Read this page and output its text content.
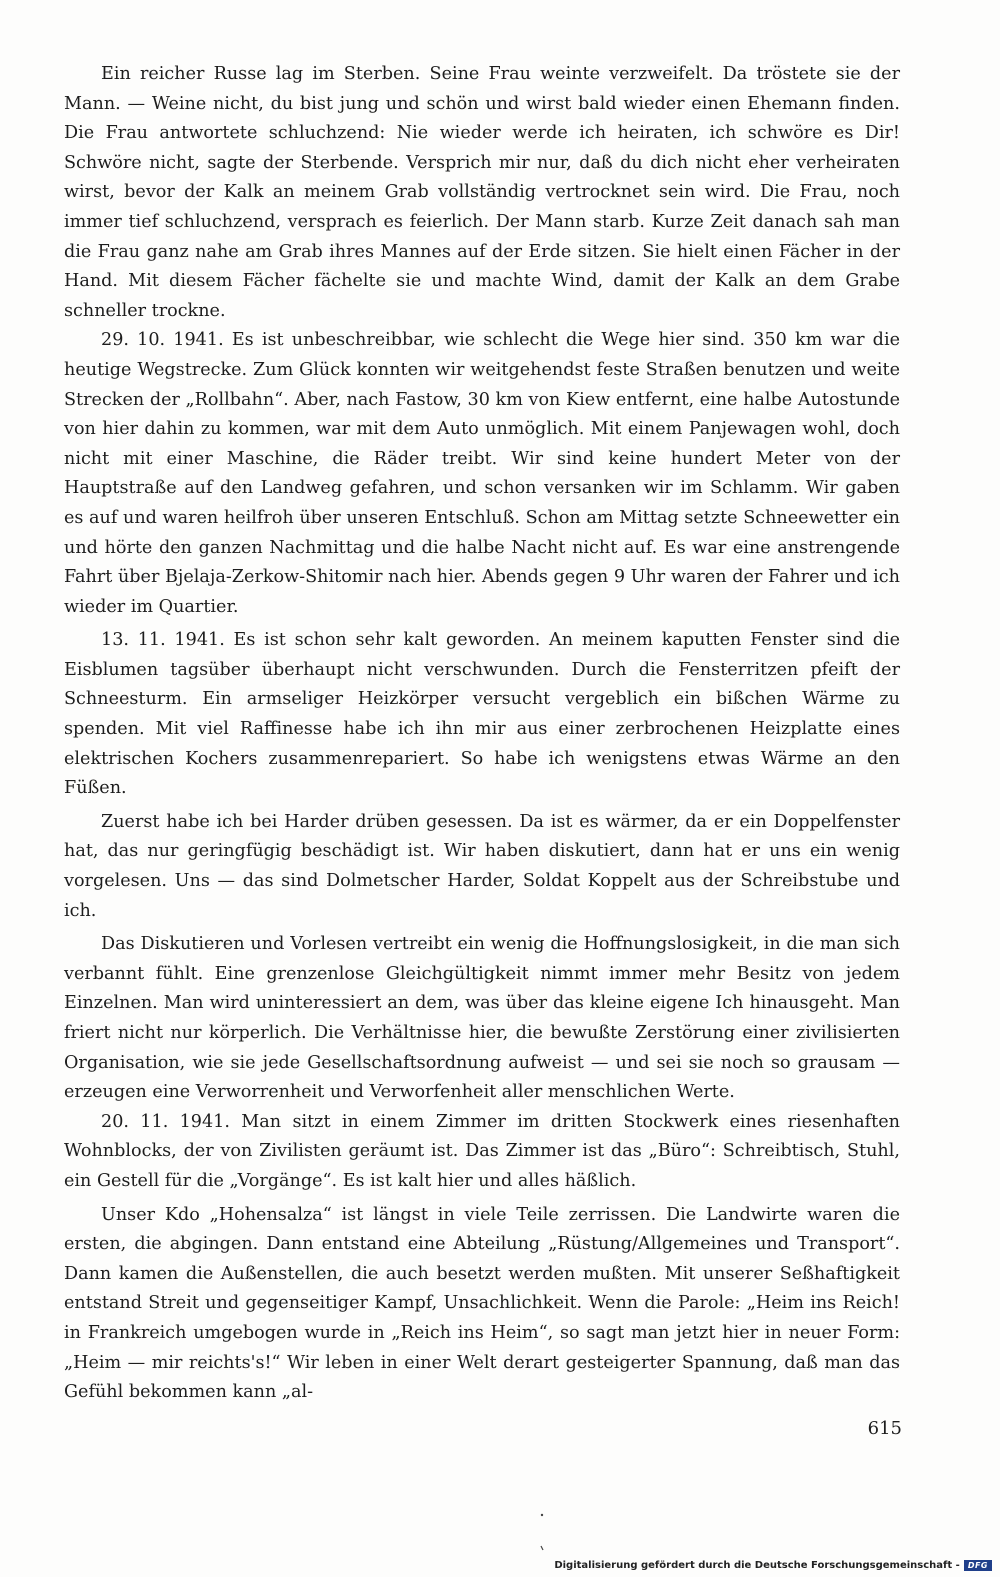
Ein reicher Russe lag im Sterben. Seine Frau weinte verzweifelt. Da tröstete sie der Mann. — Weine nicht, du bist jung und schön und wirst bald wieder einen Ehemann finden. Die Frau antwortete schluchzend: Nie wieder werde ich heiraten, ich schwöre es Dir! Schwöre nicht, sagte der Sterbende. Versprich mir nur, daß du dich nicht eher verheiraten wirst, bevor der Kalk an meinem Grab vollständig vertrocknet sein wird. Die Frau, noch immer tief schluchzend, versprach es feierlich. Der Mann starb. Kurze Zeit danach sah man die Frau ganz nahe am Grab ihres Mannes auf der Erde sitzen. Sie hielt einen Fächer in der Hand. Mit diesem Fächer fächelte sie und machte Wind, damit der Kalk an dem Grabe schneller trockne.

29. 10. 1941. Es ist unbeschreibbar, wie schlecht die Wege hier sind. 350 km war die heutige Wegstrecke. Zum Glück konnten wir weitgehendst feste Straßen benutzen und weite Strecken der „Rollbahn“. Aber, nach Fastow, 30 km von Kiew entfernt, eine halbe Autostunde von hier dahin zu kommen, war mit dem Auto unmöglich. Mit einem Panjewagen wohl, doch nicht mit einer Maschine, die Räder treibt. Wir sind keine hundert Meter von der Hauptstraße auf den Landweg gefahren, und schon versanken wir im Schlamm. Wir gaben es auf und waren heilfroh über unseren Entschluß. Schon am Mittag setzte Schneewetter ein und hörte den ganzen Nachmittag und die halbe Nacht nicht auf. Es war eine anstrengende Fahrt über Bjelaja-Zerkow-Shitomir nach hier. Abends gegen 9 Uhr waren der Fahrer und ich wieder im Quartier.

13. 11. 1941. Es ist schon sehr kalt geworden. An meinem kaputten Fenster sind die Eisblumen tagsüber überhaupt nicht verschwunden. Durch die Fensterritzen pfeift der Schneesturm. Ein armseliger Heizkörper versucht vergeblich ein bißchen Wärme zu spenden. Mit viel Raffinesse habe ich ihn mir aus einer zerbrochenen Heizplatte eines elektrischen Kochers zusammenrepariert. So habe ich wenigstens etwas Wärme an den Füßen.

Zuerst habe ich bei Harder drüben gesessen. Da ist es wärmer, da er ein Doppelfenster hat, das nur geringfügig beschädigt ist. Wir haben diskutiert, dann hat er uns ein wenig vorgelesen. Uns — das sind Dolmetscher Harder, Soldat Koppelt aus der Schreibstube und ich.

Das Diskutieren und Vorlesen vertreibt ein wenig die Hoffnungslosigkeit, in die man sich verbannt fühlt. Eine grenzenlose Gleichgültigkeit nimmt immer mehr Besitz von jedem Einzelnen. Man wird uninteressiert an dem, was über das kleine eigene Ich hinausgeht. Man friert nicht nur körperlich. Die Verhältnisse hier, die bewußte Zerstörung einer zivilisierten Organisation, wie sie jede Gesellschaftsordnung aufweist — und sei sie noch so grausam — erzeugen eine Verworrenheit und Verworfenheit aller menschlichen Werte.

20. 11. 1941. Man sitzt in einem Zimmer im dritten Stockwerk eines riesenhaften Wohnblocks, der von Zivilisten geräumt ist. Das Zimmer ist das „Büro“: Schreibtisch, Stuhl, ein Gestell für die „Vorgänge“. Es ist kalt hier und alles häßlich.

Unser Kdo „Hohensalza“ ist längst in viele Teile zerrissen. Die Landwirte waren die ersten, die abgingen. Dann entstand eine Abteilung „Rüstung/Allgemeines und Transport“. Dann kamen die Außenstellen, die auch besetzt werden mußten. Mit unserer Seßhaftigkeit entstand Streit und gegenseitiger Kampf, Unsachlichkeit. Wenn die Parole: „Heim ins Reich! in Frankreich umgebogen wurde in „Reich ins Heim“, so sagt man jetzt hier in neuer Form: „Heim — mir reichts's!“ Wir leben in einer Welt derart gesteigerter Spannung, daß man das Gefühl bekommen kann „al-

615
Digitalisierung gefördert durch die Deutsche Forschungsgemeinschaft -	DFG
